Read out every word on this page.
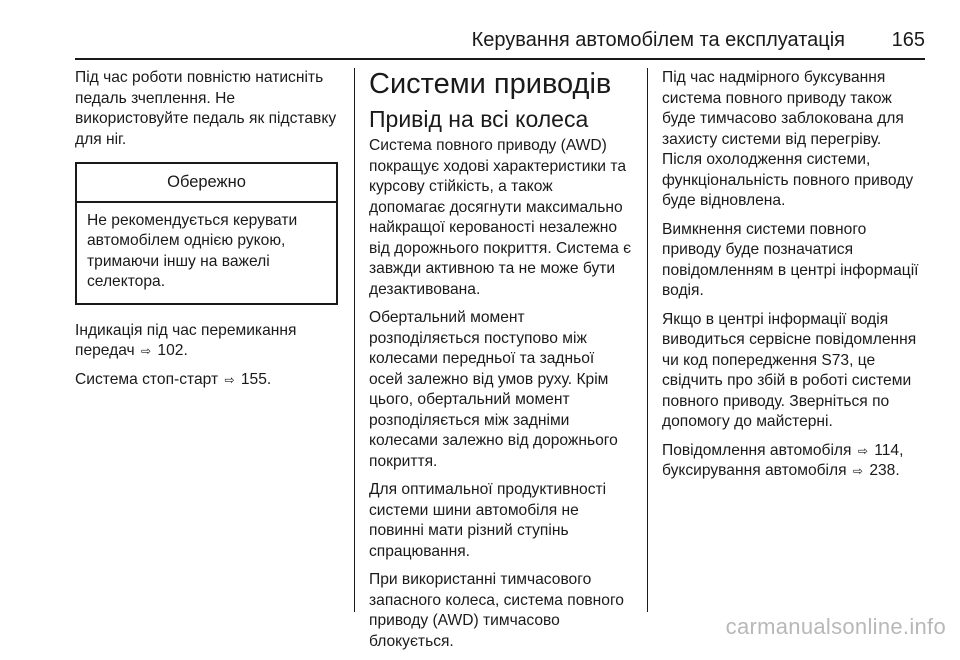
Керування автомобілем та експлуатація 165

Під час роботи повністю натисніть педаль зчеплення. Не використовуйте педаль як підставку для ніг.

Обережно
Не рекомендується керувати автомобілем однією рукою, тримаючи іншу на важелі селектора.

Індикація під час перемикання передач ⇨ 102.

Система стоп-старт ⇨ 155.

Системи приводів
Привід на всі колеса

Система повного приводу (AWD) покращує ходові характеристики та курсову стійкість, а також допомагає досягнути максимально найкращої керованості незалежно від дорожнього покриття. Система є завжди активною та не може бути дезактивована.

Обертальний момент розподіляється поступово між колесами передньої та задньої осей залежно від умов руху. Крім цього, обертальний момент розподіляється між задніми колесами залежно від дорожнього покриття.

Для оптимальної продуктивності системи шини автомобіля не повинні мати різний ступінь спрацювання.

При використанні тимчасового запасного колеса, система повного приводу (AWD) тимчасово блокується.

Під час надмірного буксування система повного приводу також буде тимчасово заблокована для захисту системи від перегріву. Після охолодження системи, функціональність повного приводу буде відновлена.

Вимкнення системи повного приводу буде позначатися повідомленням в центрі інформації водія.

Якщо в центрі інформації водія виводиться сервісне повідомлення чи код попередження S73, це свідчить про збій в роботі системи повного приводу. Зверніться по допомогу до майстерні.

Повідомлення автомобіля ⇨ 114,
буксирування автомобіля ⇨ 238.

carmanualsonline.info
